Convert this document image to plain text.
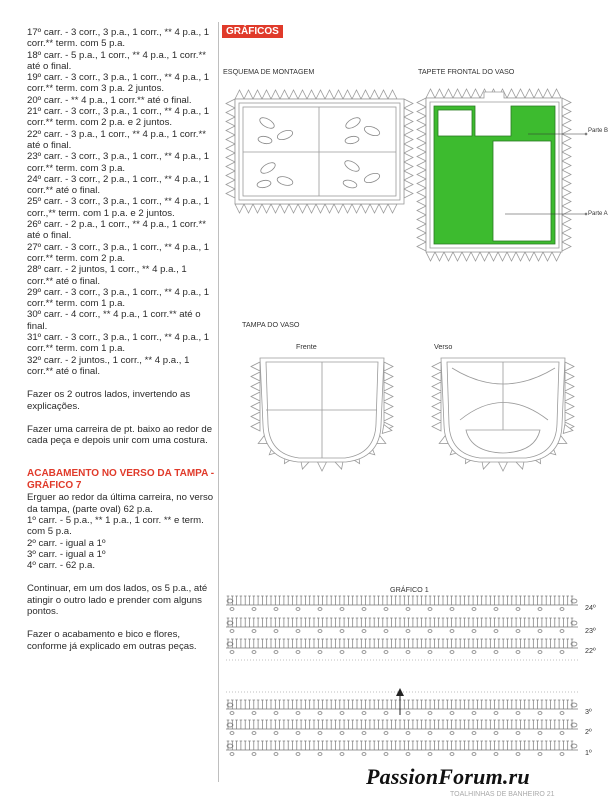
17º carr. - 3 corr., 3 p.a., 1 corr., ** 4 p.a., 1 corr.** term. com 5 p.a.

18º carr. - 5 p.a., 1 corr., ** 4 p.a., 1 corr.** até o final.

19º carr. - 3 corr., 3 p.a., 1 corr., ** 4 p.a., 1 corr.** term. com 3 p.a. 2 juntos.

20º carr. - ** 4 p.a., 1 corr.** até o final.

21º carr. - 3 corr., 3 p.a., 1 corr., ** 4 p.a., 1 corr.** term. com 2 p.a. e 2 juntos.

22º carr. - 3 p.a., 1 corr., ** 4 p.a., 1 corr.** até o final.

23º carr. - 3 corr., 3 p.a., 1 corr., ** 4 p.a., 1 corr.** term. com 3 p.a.

24º carr. - 3 corr., 2 p.a., 1 corr., ** 4 p.a., 1 corr.** até o final.

25º carr. - 3 corr., 3 p.a., 1 corr., ** 4 p.a., 1 corr.,** term. com 1 p.a. e 2 juntos.

26º carr. - 2 p.a., 1 corr., ** 4 p.a., 1 corr.** até o final.

27º carr. - 3 corr., 3 p.a., 1 corr., ** 4 p.a., 1 corr.** term. com 2 p.a.

28º carr. - 2 juntos, 1 corr., ** 4 p.a., 1 corr.** até o final.

29º carr. - 3 corr., 3 p.a., 1 corr., ** 4 p.a., 1 corr.** term. com 1 p.a.

30º carr. - 4 corr., ** 4 p.a., 1 corr.** até o final.

31º carr. - 3 corr., 3 p.a., 1 corr., ** 4 p.a., 1 corr.** term. com 1 p.a.

32º carr. - 2 juntos., 1 corr., ** 4 p.a., 1 corr.** até o final.

Fazer os 2 outros lados, invertendo as explicações.

Fazer uma carreira de pt. baixo ao redor de cada peça e depois unir com uma costura.

ACABAMENTO NO VERSO DA TAMPA - GRÁFICO 7

Erguer ao redor da última carreira, no verso da tampa, (parte oval) 62 p.a.

1º carr. - 5 p.a., ** 1 p.a., 1 corr. ** e term. com 5 p.a.

2º carr. - igual a 1º

3º carr. - igual a 1º

4º carr. - 62 p.a.

Continuar, em um dos lados, os 5 p.a., até atingir o outro lado e prender com alguns pontos.

Fazer o acabamento e bico e flores, conforme já explicado em outras peças.

GRÁFICOS
ESQUEMA DE MONTAGEM	TAPETE FRONTAL DO VASO
Parte B
Parte A
TAMPA DO VASO
Frente	Verso
GRÁFICO 1
24º
23º
22º
3º
2º
1º
PassionForum.ru
TOALHINHAS DE BANHEIRO 21
